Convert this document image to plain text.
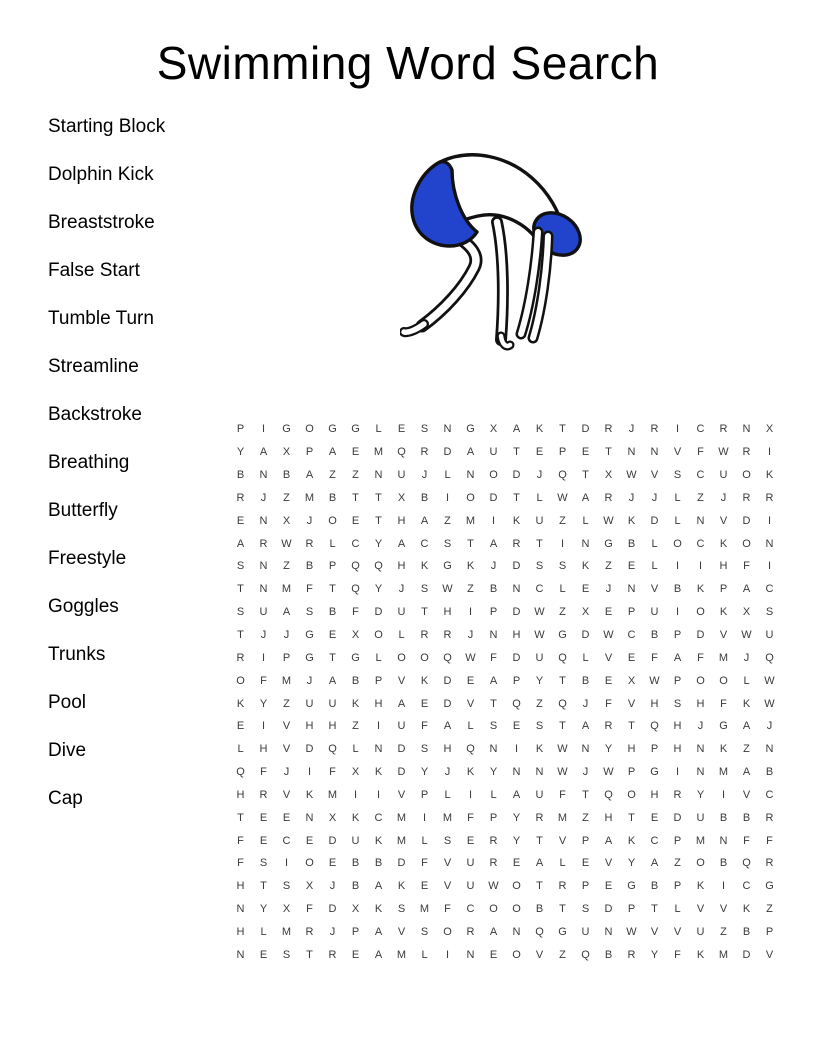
Swimming Word Search
Starting Block
Dolphin Kick
Breaststroke
False Start
Tumble Turn
Streamline
Backstroke
Breathing
Butterfly
Freestyle
Goggles
Trunks
Pool
Dive
Cap
P	I	G	O	G	G	L	E	S	N	G	X	A	K	T	D	R	J	R	I	C	R	N	X
Y	A	X	P	A	E	M	Q	R	D	A	U	T	E	P	E	T	N	N	V	F	W	R	I
B	N	B	A	Z	Z	N	U	J	L	N	O	D	J	Q	T	X	W	V	S	C	U	O	K
R	J	Z	M	B	T	T	X	B	I	O	D	T	L	W	A	R	J	J	L	Z	J	R	R
E	N	X	J	O	E	T	H	A	Z	M	I	K	U	Z	L	W	K	D	L	N	V	D	I
A	R	W	R	L	C	Y	A	C	S	T	A	R	T	I	N	G	B	L	O	C	K	O	N
S	N	Z	B	P	Q	Q	H	K	G	K	J	D	S	S	K	Z	E	L	I	I	H	F	I
T	N	M	F	T	Q	Y	J	S	W	Z	B	N	C	L	E	J	N	V	B	K	P	A	C
S	U	A	S	B	F	D	U	T	H	I	P	D	W	Z	X	E	P	U	I	O	K	X	S
T	J	J	G	E	X	O	L	R	R	J	N	H	W	G	D	W	C	B	P	D	V	W	U
R	I	P	G	T	G	L	O	O	Q	W	F	D	U	Q	L	V	E	F	A	F	M	J	Q
O	F	M	J	A	B	P	V	K	D	E	A	P	Y	T	B	E	X	W	P	O	O	L	W
K	Y	Z	U	U	K	H	A	E	D	V	T	Q	Z	Q	J	F	V	H	S	H	F	K	W
E	I	V	H	H	Z	I	U	F	A	L	S	E	S	T	A	R	T	Q	H	J	G	A	J
L	H	V	D	Q	L	N	D	S	H	Q	N	I	K	W	N	Y	H	P	H	N	K	Z	N
Q	F	J	I	F	X	K	D	Y	J	K	Y	N	N	W	J	W	P	G	I	N	M	A	B
H	R	V	K	M	I	I	V	P	L	I	L	A	U	F	T	Q	O	H	R	Y	I	V	C
T	E	E	N	X	K	C	M	I	M	F	P	Y	R	M	Z	H	T	E	D	U	B	B	R
F	E	C	E	D	U	K	M	L	S	E	R	Y	T	V	P	A	K	C	P	M	N	F	F
F	S	I	O	E	B	B	D	F	V	U	R	E	A	L	E	V	Y	A	Z	O	B	Q	R
H	T	S	X	J	B	A	K	E	V	U	W	O	T	R	P	E	G	B	P	K	I	C	G
N	Y	X	F	D	X	K	S	M	F	C	O	O	B	T	S	D	P	T	L	V	V	K	Z
H	L	M	R	J	P	A	V	S	O	R	A	N	Q	G	U	N	W	V	V	U	Z	B	P
N	E	S	T	R	E	A	M	L	I	N	E	O	V	Z	Q	B	R	Y	F	K	M	D	V
